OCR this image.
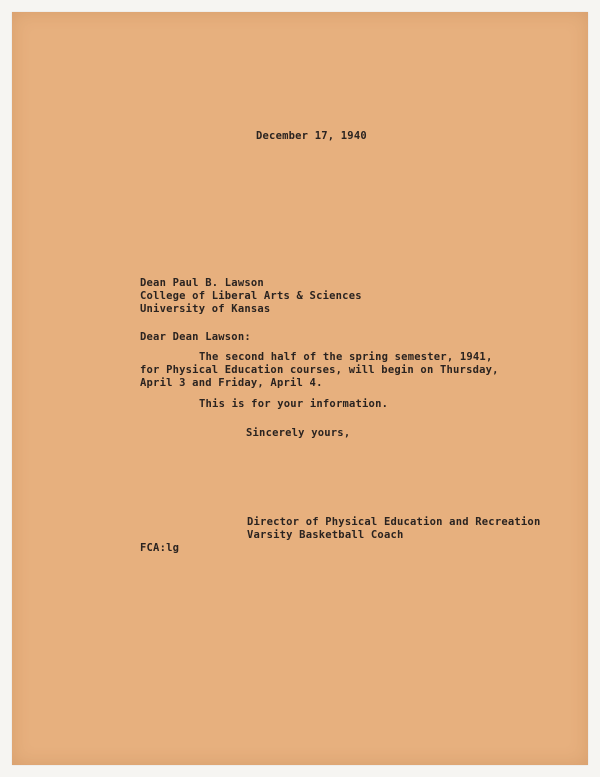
December 17, 1940
Dean Paul B. Lawson
College of Liberal Arts & Sciences
University of Kansas
Dear Dean Lawson:
The second half of the spring semester, 1941,
for Physical Education courses, will begin on Thursday,
April 3 and Friday, April 4.
This is for your information.
Sincerely yours,
Director of Physical Education and Recreation
Varsity Basketball Coach
FCA:lg
